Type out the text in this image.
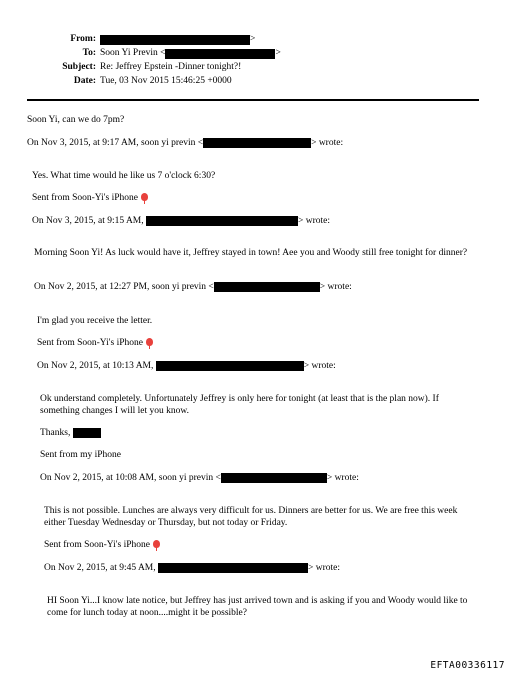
From:	>
To: Soon Yi Previn <	>
Subject: Re: Jeffrey Epstein -Dinner tonight?!
Date: Tue, 03 Nov 2015 15:46:25 +0000
Soon Yi, can we do 7pm?
On Nov 3, 2015, at 9:17 AM, soon yi previn <	> wrote:
Yes. What time would he like us 7 o'clock 6:30?
Sent from Soon-Yi's iPhone
On Nov 3, 2015, at 9:15 AM,	> wrote:
Morning Soon Yi! As luck would have it, Jeffrey stayed in town! Aee you and Woody still free tonight for dinner?
On Nov 2, 2015, at 12:27 PM, soon yi previn <	> wrote:
I'm glad you receive the letter.
Sent from Soon-Yi's iPhone
On Nov 2, 2015, at 10:13 AM,	> wrote:
Ok understand completely. Unfortunately Jeffrey is only here for tonight (at least that is the plan now). If something changes I will let you know.
Thanks,
Sent from my iPhone
On Nov 2, 2015, at 10:08 AM, soon yi previn <	> wrote:
This is not possible. Lunches are always very difficult for us. Dinners are better for us. We are free this week either Tuesday Wednesday or Thursday, but not today or Friday.
Sent from Soon-Yi's iPhone
On Nov 2, 2015, at 9:45 AM,	> wrote:
HI Soon Yi...I know late notice, but Jeffrey has just arrived town and is asking if you and Woody would like to come for lunch today at noon....might it be possible?
EFTA00336117
